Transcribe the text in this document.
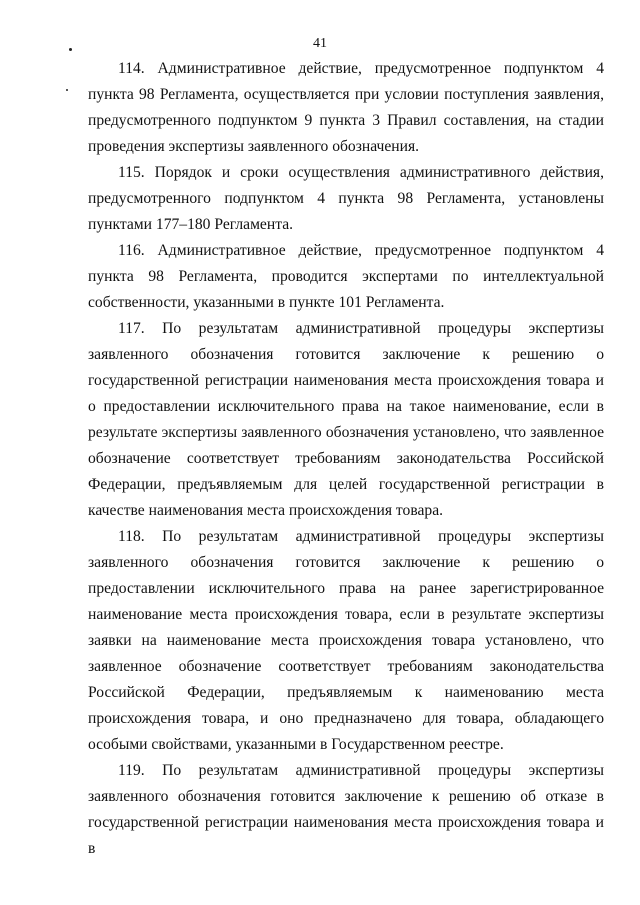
41

114. Административное действие, предусмотренное подпунктом 4 пункта 98 Регламента, осуществляется при условии поступления заявления, предусмотренного подпунктом 9 пункта 3 Правил составления, на стадии проведения экспертизы заявленного обозначения.

115. Порядок и сроки осуществления административного действия, предусмотренного подпунктом 4 пункта 98 Регламента, установлены пунктами 177–180 Регламента.

116. Административное действие, предусмотренное подпунктом 4 пункта 98 Регламента, проводится экспертами по интеллектуальной собственности, указанными в пункте 101 Регламента.

117. По результатам административной процедуры экспертизы заявленного обозначения готовится заключение к решению о государственной регистрации наименования места происхождения товара и о предоставлении исключительного права на такое наименование, если в результате экспертизы заявленного обозначения установлено, что заявленное обозначение соответствует требованиям законодательства Российской Федерации, предъявляемым для целей государственной регистрации в качестве наименования места происхождения товара.

118. По результатам административной процедуры экспертизы заявленного обозначения готовится заключение к решению о предоставлении исключительного права на ранее зарегистрированное наименование места происхождения товара, если в результате экспертизы заявки на наименование места происхождения товара установлено, что заявленное обозначение соответствует требованиям законодательства Российской Федерации, предъявляемым к наименованию места происхождения товара, и оно предназначено для товара, обладающего особыми свойствами, указанными в Государственном реестре.

119. По результатам административной процедуры экспертизы заявленного обозначения готовится заключение к решению об отказе в государственной регистрации наименования места происхождения товара и в
